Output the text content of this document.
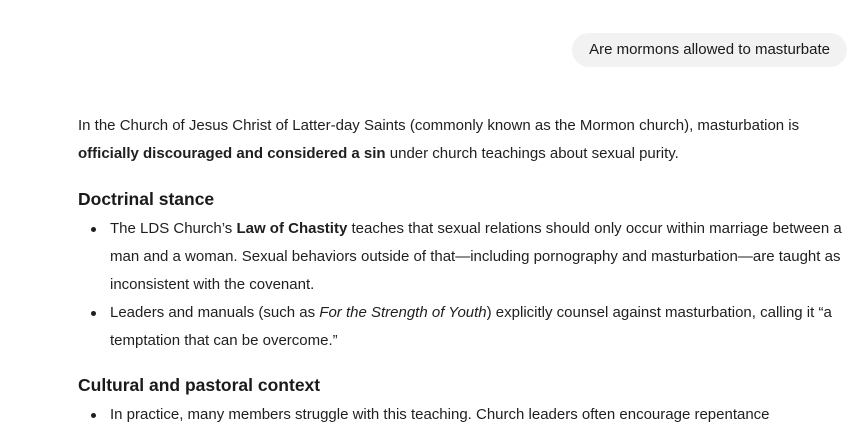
Are mormons allowed to masturbate

In the Church of Jesus Christ of Latter-day Saints (commonly known as the Mormon church), masturbation is officially discouraged and considered a sin under church teachings about sexual purity.

Doctrinal stance
The LDS Church’s Law of Chastity teaches that sexual relations should only occur within marriage between a man and a woman. Sexual behaviors outside of that—including pornography and masturbation—are taught as inconsistent with the covenant.
Leaders and manuals (such as For the Strength of Youth) explicitly counsel against masturbation, calling it “a temptation that can be overcome.”
Cultural and pastoral context
In practice, many members struggle with this teaching. Church leaders often encourage repentance
